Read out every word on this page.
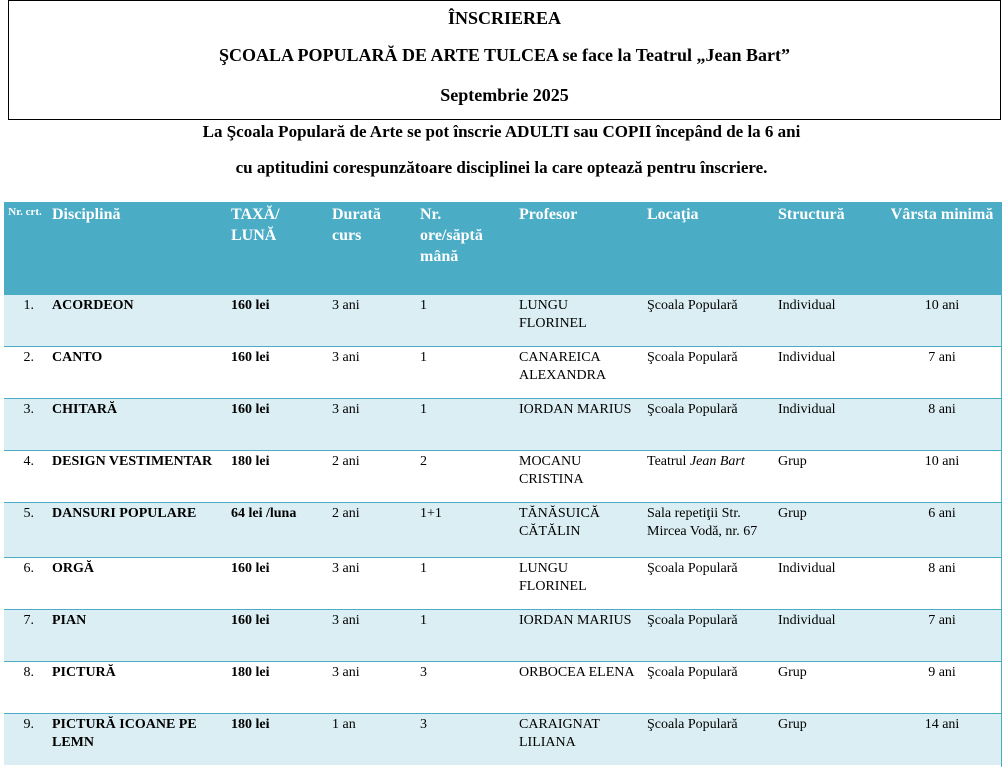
ÎNSCRIEREA
ŞCOALA POPULARĂ DE ARTE TULCEA se face la Teatrul „Jean Bart”
Septembrie 2025
La Şcoala Populară de Arte se pot înscrie ADULTI sau COPII începând de la 6 ani
cu aptitudini corespunzătoare disciplinei la care optează pentru înscriere.
Nr. crt.	Disciplină	TAXĂ/ LUNĂ	Durată curs	Nr. ore/săptă mână	Profesor	Locaţia	Structură	Vârsta minimă
1.	ACORDEON	160 lei	3 ani	1	LUNGU FLORINEL	Şcoala Populară	Individual	10 ani
2.	CANTO	160 lei	3 ani	1	CANAREICA ALEXANDRA	Şcoala Populară	Individual	7 ani
3.	CHITARĂ	160 lei	3 ani	1	IORDAN MARIUS	Şcoala Populară	Individual	8 ani
4.	DESIGN VESTIMENTAR	180 lei	2 ani	2	MOCANU CRISTINA	Teatrul Jean Bart	Grup	10 ani
5.	DANSURI POPULARE	64 lei /luna	2 ani	1+1	TĂNĂSUICĂ CĂTĂLIN	Sala repetiţii Str. Mircea Vodă, nr. 67	Grup	6 ani
6.	ORGĂ	160 lei	3 ani	1	LUNGU FLORINEL	Şcoala Populară	Individual	8 ani
7.	PIAN	160 lei	3 ani	1	IORDAN MARIUS	Şcoala Populară	Individual	7 ani
8.	PICTURĂ	180 lei	3 ani	3	ORBOCEA ELENA	Şcoala Populară	Grup	9 ani
9.	PICTURĂ ICOANE PE LEMN	180 lei	1 an	3	CARAIGNAT LILIANA	Şcoala Populară	Grup	14 ani
